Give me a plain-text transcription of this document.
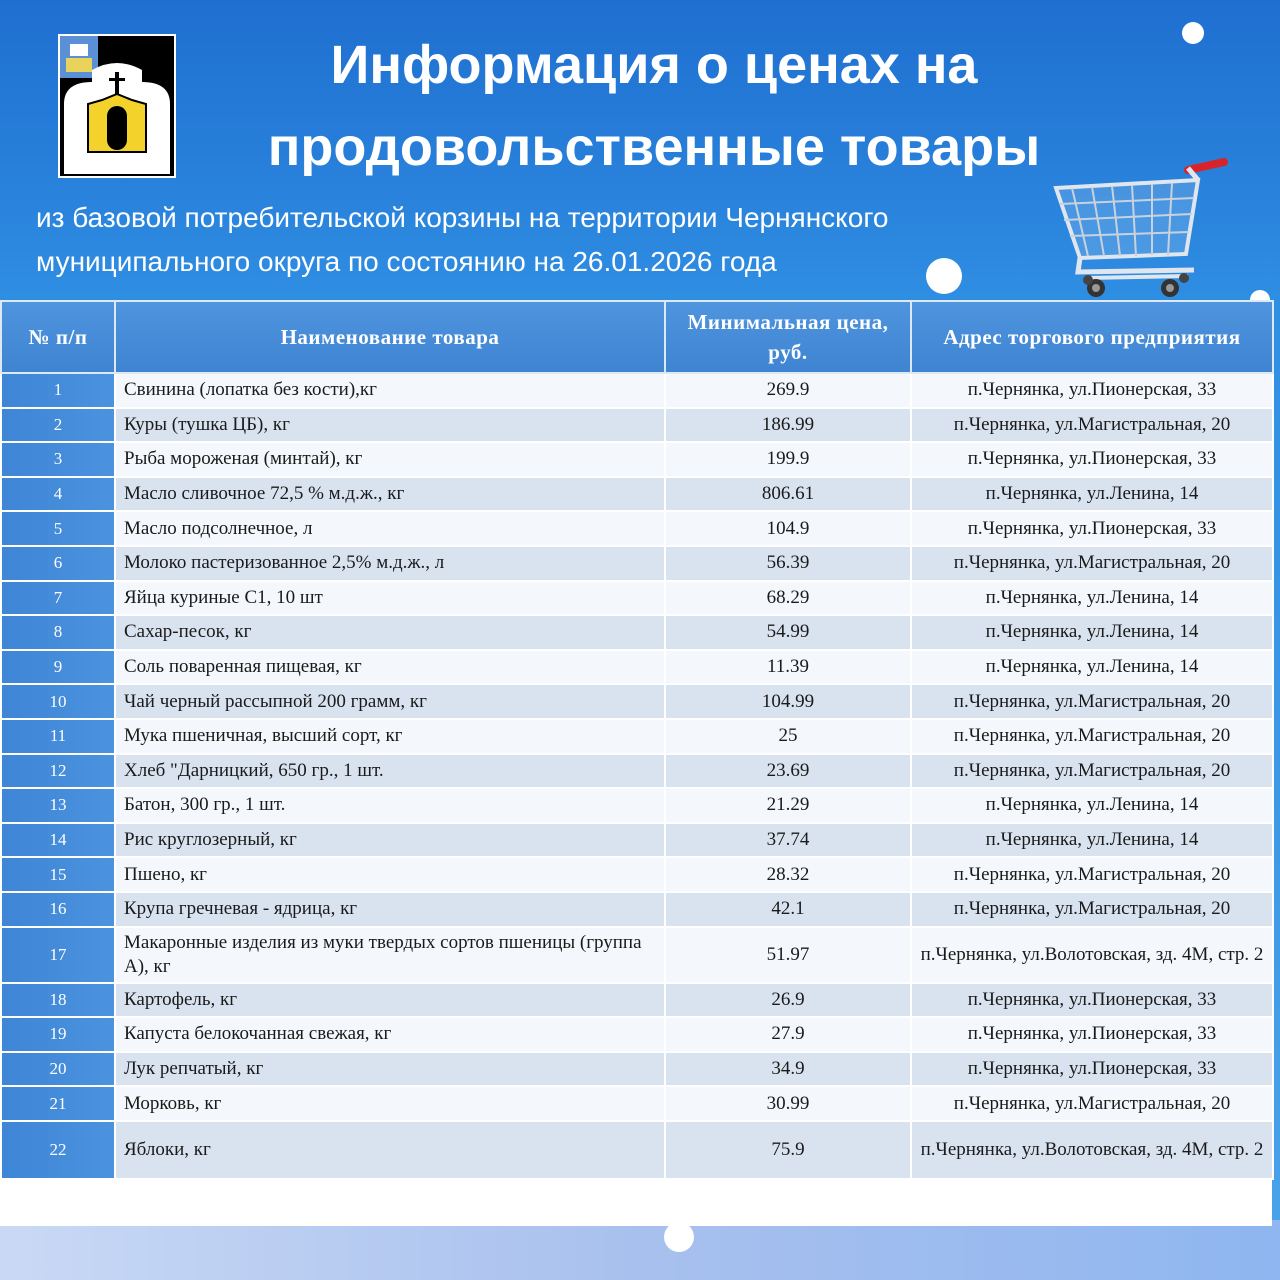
Информация о ценах на
продовольственные товары
из базовой потребительской корзины на территории Чернянского
муниципального округа по состоянию на 26.01.2026 года
№ п/п	Наименование товара	Минимальная цена, руб.	Адрес торгового предприятия
1	Свинина (лопатка без кости),кг	269.9	п.Чернянка, ул.Пионерская, 33
2	Куры (тушка ЦБ), кг	186.99	п.Чернянка, ул.Магистральная, 20
3	Рыба мороженая (минтай), кг	199.9	п.Чернянка, ул.Пионерская, 33
4	Масло сливочное 72,5 % м.д.ж., кг	806.61	п.Чернянка, ул.Ленина, 14
5	Масло подсолнечное, л	104.9	п.Чернянка, ул.Пионерская, 33
6	Молоко пастеризованное 2,5% м.д.ж., л	56.39	п.Чернянка, ул.Магистральная, 20
7	Яйца куриные С1, 10 шт	68.29	п.Чернянка, ул.Ленина, 14
8	Сахар-песок, кг	54.99	п.Чернянка, ул.Ленина, 14
9	Соль поваренная пищевая, кг	11.39	п.Чернянка, ул.Ленина, 14
10	Чай черный рассыпной 200 грамм, кг	104.99	п.Чернянка, ул.Магистральная, 20
11	Мука пшеничная, высший сорт, кг	25	п.Чернянка, ул.Магистральная, 20
12	Хлеб "Дарницкий, 650 гр., 1 шт.	23.69	п.Чернянка, ул.Магистральная, 20
13	Батон, 300 гр., 1 шт.	21.29	п.Чернянка, ул.Ленина, 14
14	Рис круглозерный, кг	37.74	п.Чернянка, ул.Ленина, 14
15	Пшено, кг	28.32	п.Чернянка, ул.Магистральная, 20
16	Крупа гречневая - ядрица, кг	42.1	п.Чернянка, ул.Магистральная, 20
17	Макаронные изделия из муки твердых сортов пшеницы (группа А), кг	51.97	п.Чернянка, ул.Волотовская, зд. 4М, стр. 2
18	Картофель, кг	26.9	п.Чернянка, ул.Пионерская, 33
19	Капуста белокочанная свежая, кг	27.9	п.Чернянка, ул.Пионерская, 33
20	Лук репчатый, кг	34.9	п.Чернянка, ул.Пионерская, 33
21	Морковь, кг	30.99	п.Чернянка, ул.Магистральная, 20
22	Яблоки, кг	75.9	п.Чернянка, ул.Волотовская, зд. 4М, стр. 2
